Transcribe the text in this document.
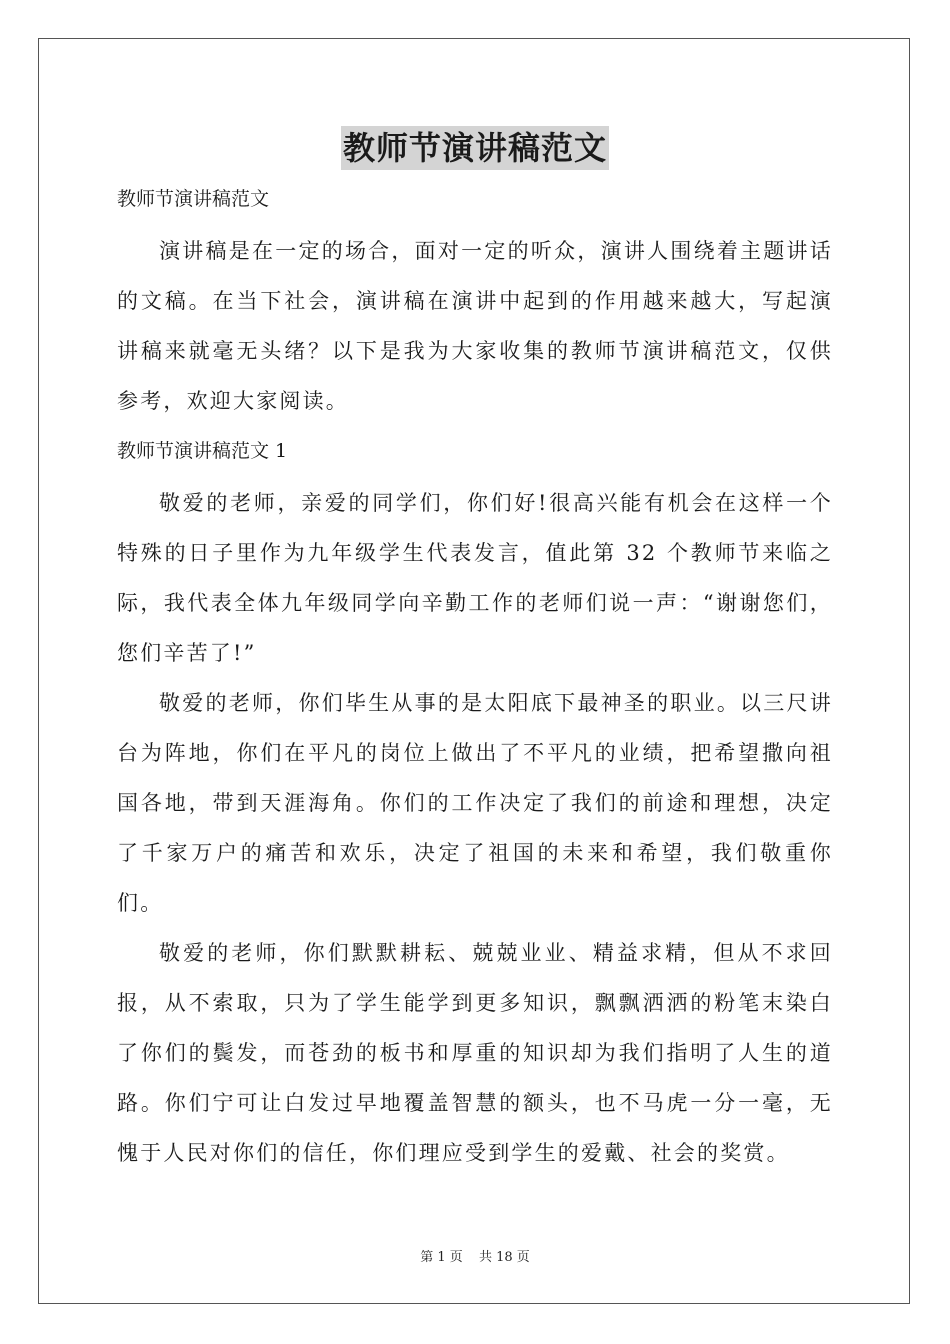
教师节演讲稿范文

教师节演讲稿范文

演讲稿是在一定的场合，面对一定的听众，演讲人围绕着主题讲话的文稿。在当下社会，演讲稿在演讲中起到的作用越来越大，写起演讲稿来就毫无头绪？以下是我为大家收集的教师节演讲稿范文，仅供参考，欢迎大家阅读。

教师节演讲稿范文 1

敬爱的老师，亲爱的同学们，你们好!很高兴能有机会在这样一个特殊的日子里作为九年级学生代表发言，值此第 32 个教师节来临之际，我代表全体九年级同学向辛勤工作的老师们说一声：“谢谢您们，您们辛苦了!”

敬爱的老师，你们毕生从事的是太阳底下最神圣的职业。以三尺讲台为阵地，你们在平凡的岗位上做出了不平凡的业绩，把希望撒向祖国各地，带到天涯海角。你们的工作决定了我们的前途和理想，决定了千家万户的痛苦和欢乐，决定了祖国的未来和希望，我们敬重你们。

敬爱的老师，你们默默耕耘、兢兢业业、精益求精，但从不求回报，从不索取，只为了学生能学到更多知识，飘飘洒洒的粉笔末染白了你们的鬓发，而苍劲的板书和厚重的知识却为我们指明了人生的道路。你们宁可让白发过早地覆盖智慧的额头，也不马虎一分一毫，无愧于人民对你们的信任，你们理应受到学生的爱戴、社会的奖赏。

第 1 页 共 18 页
